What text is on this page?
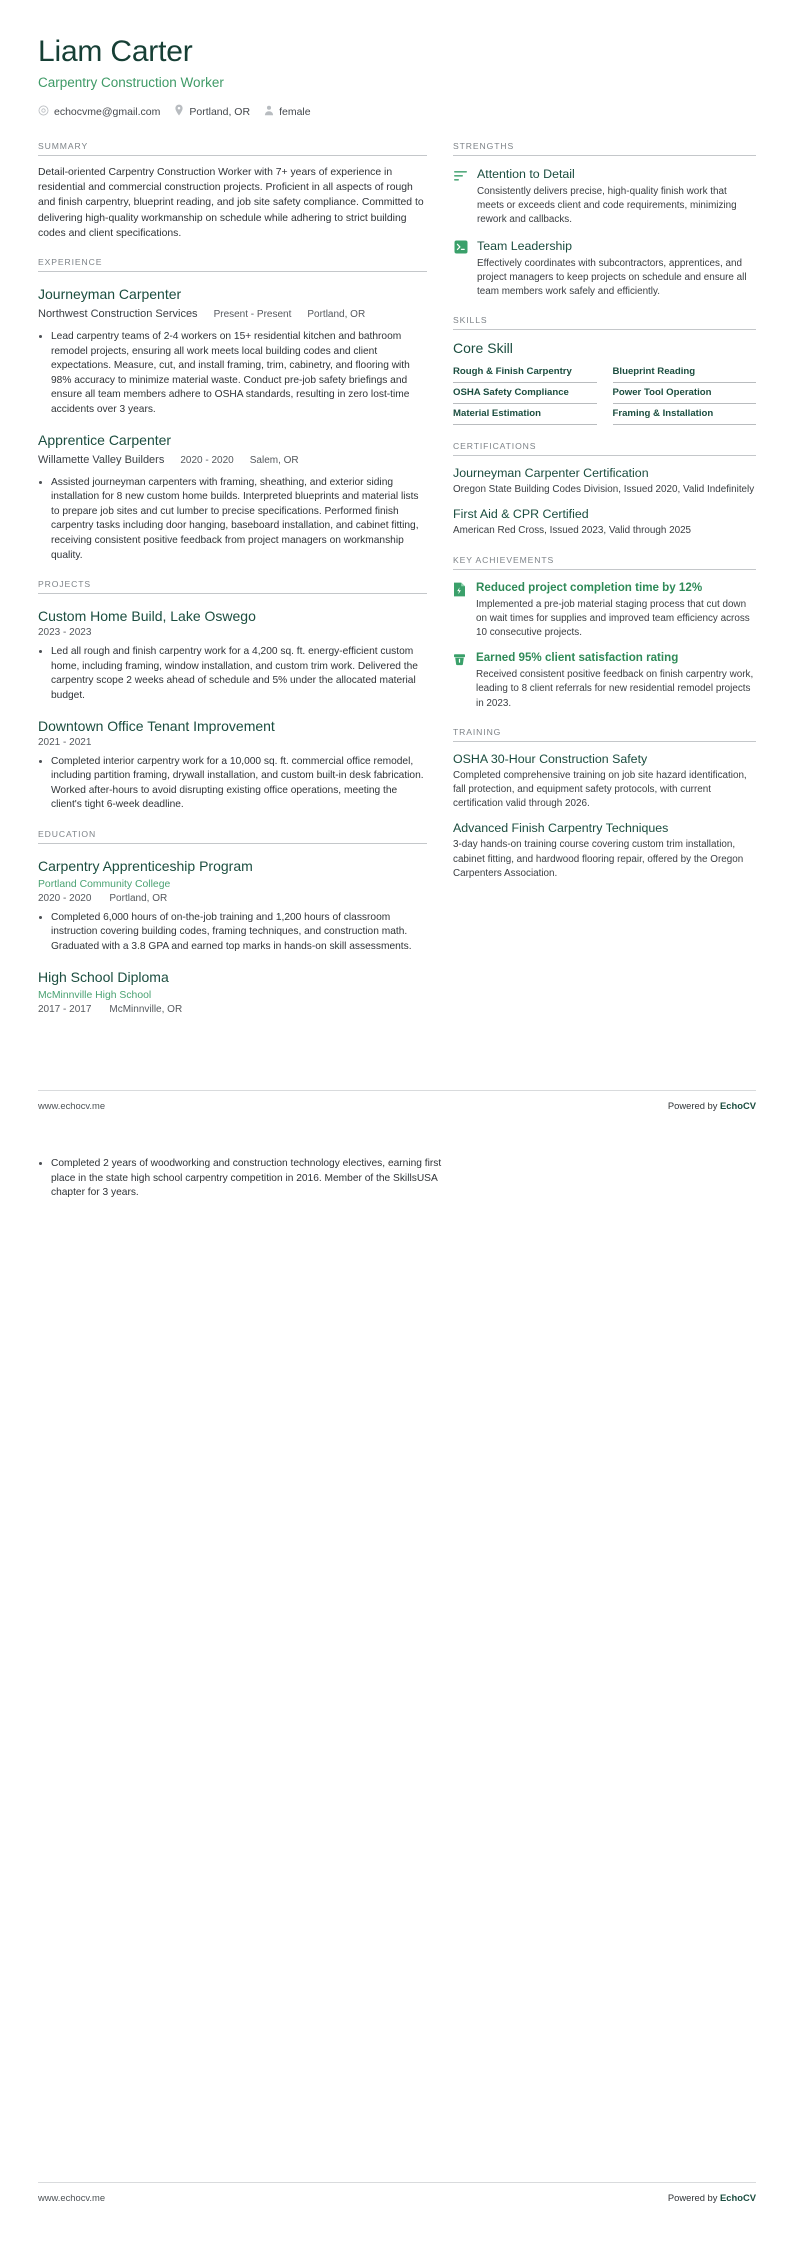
Liam Carter
Carpentry Construction Worker
echocvme@gmail.com	Portland, OR	female
SUMMARY
Detail-oriented Carpentry Construction Worker with 7+ years of experience in residential and commercial construction projects. Proficient in all aspects of rough and finish carpentry, blueprint reading, and job site safety compliance. Committed to delivering high-quality workmanship on schedule while adhering to strict building codes and client specifications.
EXPERIENCE
Journeyman Carpenter
Northwest Construction Services Present - Present Portland, OR
• Lead carpentry teams of 2-4 workers on 15+ residential kitchen and bathroom remodel projects, ensuring all work meets local building codes and client expectations. Measure, cut, and install framing, trim, cabinetry, and flooring with 98% accuracy to minimize material waste. Conduct pre-job safety briefings and ensure all team members adhere to OSHA standards, resulting in zero lost-time accidents over 3 years.
Apprentice Carpenter
Willamette Valley Builders 2020 - 2020 Salem, OR
• Assisted journeyman carpenters with framing, sheathing, and exterior siding installation for 8 new custom home builds. Interpreted blueprints and material lists to prepare job sites and cut lumber to precise specifications. Performed finish carpentry tasks including door hanging, baseboard installation, and cabinet fitting, receiving consistent positive feedback from project managers on workmanship quality.
PROJECTS
Custom Home Build, Lake Oswego
2023 - 2023
• Led all rough and finish carpentry work for a 4,200 sq. ft. energy-efficient custom home, including framing, window installation, and custom trim work. Delivered the carpentry scope 2 weeks ahead of schedule and 5% under the allocated material budget.
Downtown Office Tenant Improvement
2021 - 2021
• Completed interior carpentry work for a 10,000 sq. ft. commercial office remodel, including partition framing, drywall installation, and custom built-in desk fabrication. Worked after-hours to avoid disrupting existing office operations, meeting the client's tight 6-week deadline.
EDUCATION
Carpentry Apprenticeship Program
Portland Community College
2020 - 2020 Portland, OR
• Completed 6,000 hours of on-the-job training and 1,200 hours of classroom instruction covering building codes, framing techniques, and construction math. Graduated with a 3.8 GPA and earned top marks in hands-on skill assessments.
High School Diploma
McMinnville High School
2017 - 2017 McMinnville, OR
STRENGTHS
Attention to Detail
Consistently delivers precise, high-quality finish work that meets or exceeds client and code requirements, minimizing rework and callbacks.
Team Leadership
Effectively coordinates with subcontractors, apprentices, and project managers to keep projects on schedule and ensure all team members work safely and efficiently.
SKILLS
Core Skill
Rough & Finish Carpentry	Blueprint Reading
OSHA Safety Compliance	Power Tool Operation
Material Estimation	Framing & Installation
CERTIFICATIONS
Journeyman Carpenter Certification
Oregon State Building Codes Division, Issued 2020, Valid Indefinitely
First Aid & CPR Certified
American Red Cross, Issued 2023, Valid through 2025
KEY ACHIEVEMENTS
Reduced project completion time by 12%
Implemented a pre-job material staging process that cut down on wait times for supplies and improved team efficiency across 10 consecutive projects.
Earned 95% client satisfaction rating
Received consistent positive feedback on finish carpentry work, leading to 8 client referrals for new residential remodel projects in 2023.
TRAINING
OSHA 30-Hour Construction Safety
Completed comprehensive training on job site hazard identification, fall protection, and equipment safety protocols, with current certification valid through 2026.
Advanced Finish Carpentry Techniques
3-day hands-on training course covering custom trim installation, cabinet fitting, and hardwood flooring repair, offered by the Oregon Carpenters Association.
www.echocv.me	Powered by EchoCV
• Completed 2 years of woodworking and construction technology electives, earning first place in the state high school carpentry competition in 2016. Member of the SkillsUSA chapter for 3 years.
www.echocv.me	Powered by EchoCV
